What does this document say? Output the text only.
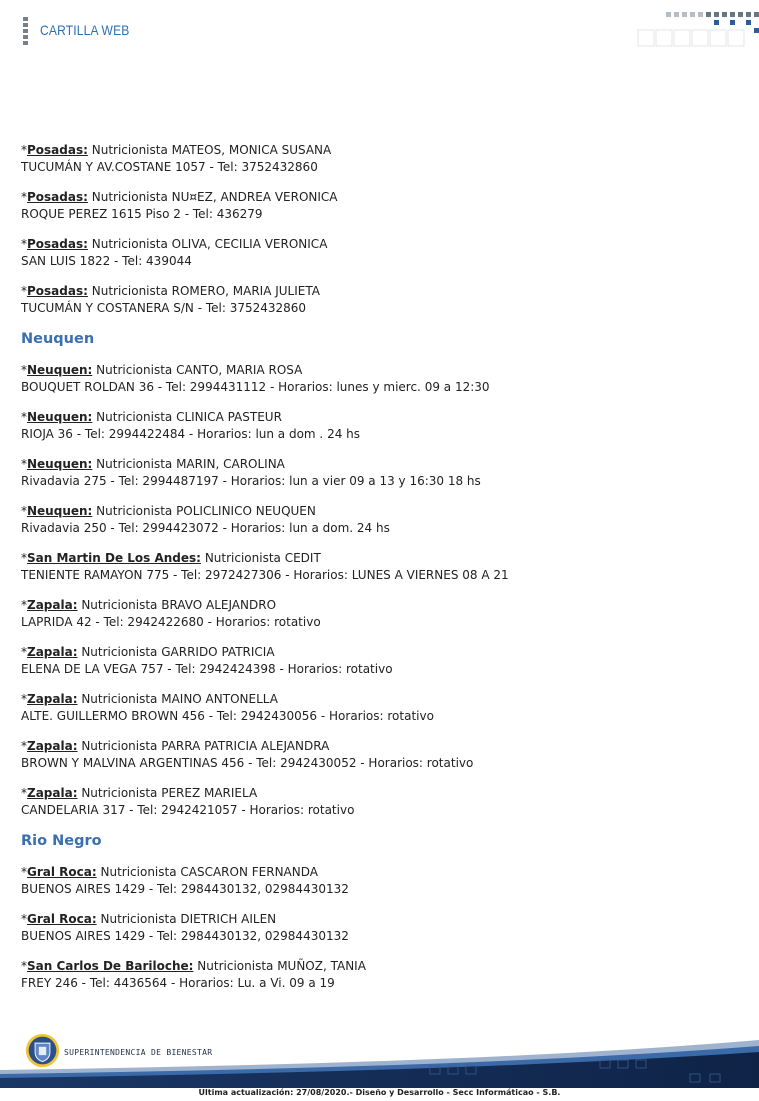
CARTILLA WEB
*Posadas: Nutricionista MATEOS, MONICA SUSANA
TUCUMÁN Y AV.COSTANE 1057 - Tel: 3752432860
*Posadas: Nutricionista NU¤EZ, ANDREA VERONICA
ROQUE PEREZ 1615 Piso 2 - Tel: 436279
*Posadas: Nutricionista OLIVA, CECILIA VERONICA
SAN LUIS 1822 - Tel: 439044
*Posadas: Nutricionista ROMERO, MARIA JULIETA
TUCUMÁN Y COSTANERA S/N - Tel: 3752432860
Neuquen
*Neuquen: Nutricionista CANTO, MARIA ROSA
BOUQUET ROLDAN 36 - Tel: 2994431112 - Horarios: lunes y mierc. 09 a 12:30
*Neuquen: Nutricionista CLINICA PASTEUR
RIOJA 36 - Tel: 2994422484 - Horarios: lun a dom . 24 hs
*Neuquen: Nutricionista MARIN, CAROLINA
Rivadavia 275 - Tel: 2994487197 - Horarios: lun a vier 09 a 13 y 16:30 18 hs
*Neuquen: Nutricionista POLICLINICO NEUQUEN
Rivadavia 250 - Tel: 2994423072 - Horarios: lun a dom. 24 hs
*San Martin De Los Andes: Nutricionista CEDIT
TENIENTE RAMAYON 775 - Tel: 2972427306 - Horarios: LUNES A VIERNES 08 A 21
*Zapala: Nutricionista BRAVO ALEJANDRO
LAPRIDA 42 - Tel: 2942422680 - Horarios: rotativo
*Zapala: Nutricionista GARRIDO PATRICIA
ELENA DE LA VEGA 757 - Tel: 2942424398 - Horarios: rotativo
*Zapala: Nutricionista MAINO ANTONELLA
ALTE. GUILLERMO BROWN 456 - Tel: 2942430056 - Horarios: rotativo
*Zapala: Nutricionista PARRA PATRICIA ALEJANDRA
BROWN Y MALVINA ARGENTINAS 456 - Tel: 2942430052 - Horarios: rotativo
*Zapala: Nutricionista PEREZ MARIELA
CANDELARIA 317 - Tel: 2942421057 - Horarios: rotativo
Rio Negro
*Gral Roca: Nutricionista CASCARON FERNANDA
BUENOS AIRES 1429 - Tel: 2984430132, 02984430132
*Gral Roca: Nutricionista DIETRICH AILEN
BUENOS AIRES 1429 - Tel: 2984430132, 02984430132
*San Carlos De Bariloche: Nutricionista MUÑOZ, TANIA
FREY 246 - Tel: 4436564 - Horarios: Lu. a Vi. 09 a 19
SUPERINTENDENCIA DE BIENESTAR
Ultima actualización: 27/08/2020.- Diseño y Desarrollo - Secc Informáticao - S.B.
